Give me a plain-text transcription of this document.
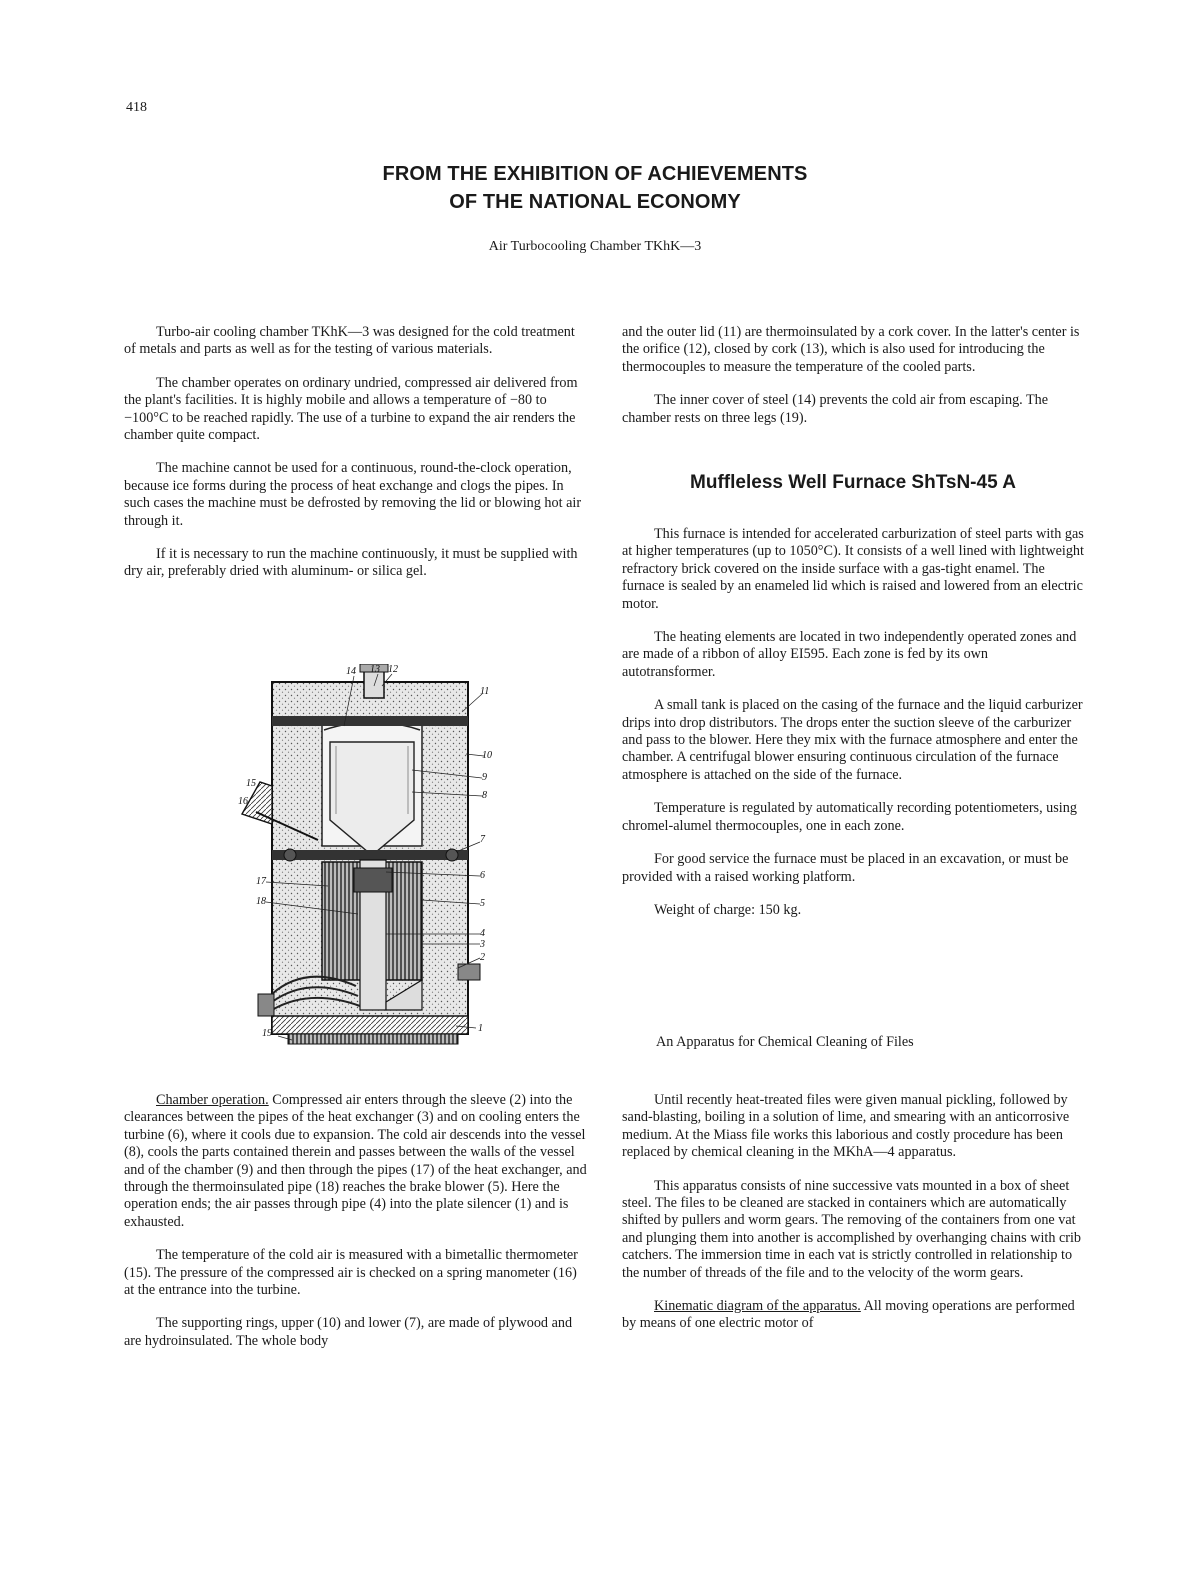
418
FROM THE EXHIBITION OF ACHIEVEMENTS
OF THE NATIONAL ECONOMY
Air Turbocooling Chamber TKhK—3

Turbo-air cooling chamber TKhK—3 was designed for the cold treatment of metals and parts as well as for the testing of various materials.

The chamber operates on ordinary undried, compressed air delivered from the plant's facilities. It is highly mobile and allows a temperature of −80 to −100°C to be reached rapidly. The use of a turbine to expand the air renders the chamber quite compact.

The machine cannot be used for a continuous, round-the-clock operation, because ice forms during the process of heat exchange and clogs the pipes. In such cases the machine must be defrosted by removing the lid or blowing hot air through it.

If it is necessary to run the machine continuously, it must be supplied with dry air, preferably dried with aluminum- or silica gel.

14 13 12
11
10
9
8
15
16
7
6
17
18	5
4
3
2
1
19

Chamber operation. Compressed air enters through the sleeve (2) into the clearances between the pipes of the heat exchanger (3) and on cooling enters the turbine (6), where it cools due to expansion. The cold air descends into the vessel (8), cools the parts contained therein and passes between the walls of the vessel and of the chamber (9) and then through the pipes (17) of the heat exchanger, and through the thermoinsulated pipe (18) reaches the brake blower (5). Here the operation ends; the air passes through pipe (4) into the plate silencer (1) and is exhausted.

The temperature of the cold air is measured with a bimetallic thermometer (15). The pressure of the compressed air is checked on a spring manometer (16) at the entrance into the turbine.

The supporting rings, upper (10) and lower (7), are made of plywood and are hydroinsulated. The whole body

and the outer lid (11) are thermoinsulated by a cork cover. In the latter's center is the orifice (12), closed by cork (13), which is also used for introducing the thermocouples to measure the temperature of the cooled parts.

The inner cover of steel (14) prevents the cold air from escaping. The chamber rests on three legs (19).

Muffleless Well Furnace ShTsN-45 A

This furnace is intended for accelerated carburization of steel parts with gas at higher temperatures (up to 1050°C). It consists of a well lined with lightweight refractory brick covered on the inside surface with a gas-tight enamel. The furnace is sealed by an enameled lid which is raised and lowered from an electric motor.

The heating elements are located in two independently operated zones and are made of a ribbon of alloy EI595. Each zone is fed by its own autotransformer.

A small tank is placed on the casing of the furnace and the liquid carburizer drips into drop distributors. The drops enter the suction sleeve of the carburizer and pass to the blower. Here they mix with the furnace atmosphere and enter the chamber. A centrifugal blower ensuring continuous circulation of the furnace atmosphere is attached on the side of the furnace.

Temperature is regulated by automatically recording potentiometers, using chromel-alumel thermocouples, one in each zone.

For good service the furnace must be placed in an excavation, or must be provided with a raised working platform.

Weight of charge: 150 kg.

An Apparatus for Chemical Cleaning of Files

Until recently heat-treated files were given manual pickling, followed by sand-blasting, boiling in a solution of lime, and smearing with an anticorrosive medium. At the Miass file works this laborious and costly procedure has been replaced by chemical cleaning in the MKhA—4 apparatus.

This apparatus consists of nine successive vats mounted in a box of sheet steel. The files to be cleaned are stacked in containers which are automatically shifted by pullers and worm gears. The removing of the containers from one vat and plunging them into another is accomplished by overhanging chains with crib catchers. The immersion time in each vat is strictly controlled in relationship to the number of threads of the file and to the velocity of the worm gears.

Kinematic diagram of the apparatus. All moving operations are performed by means of one electric motor of
